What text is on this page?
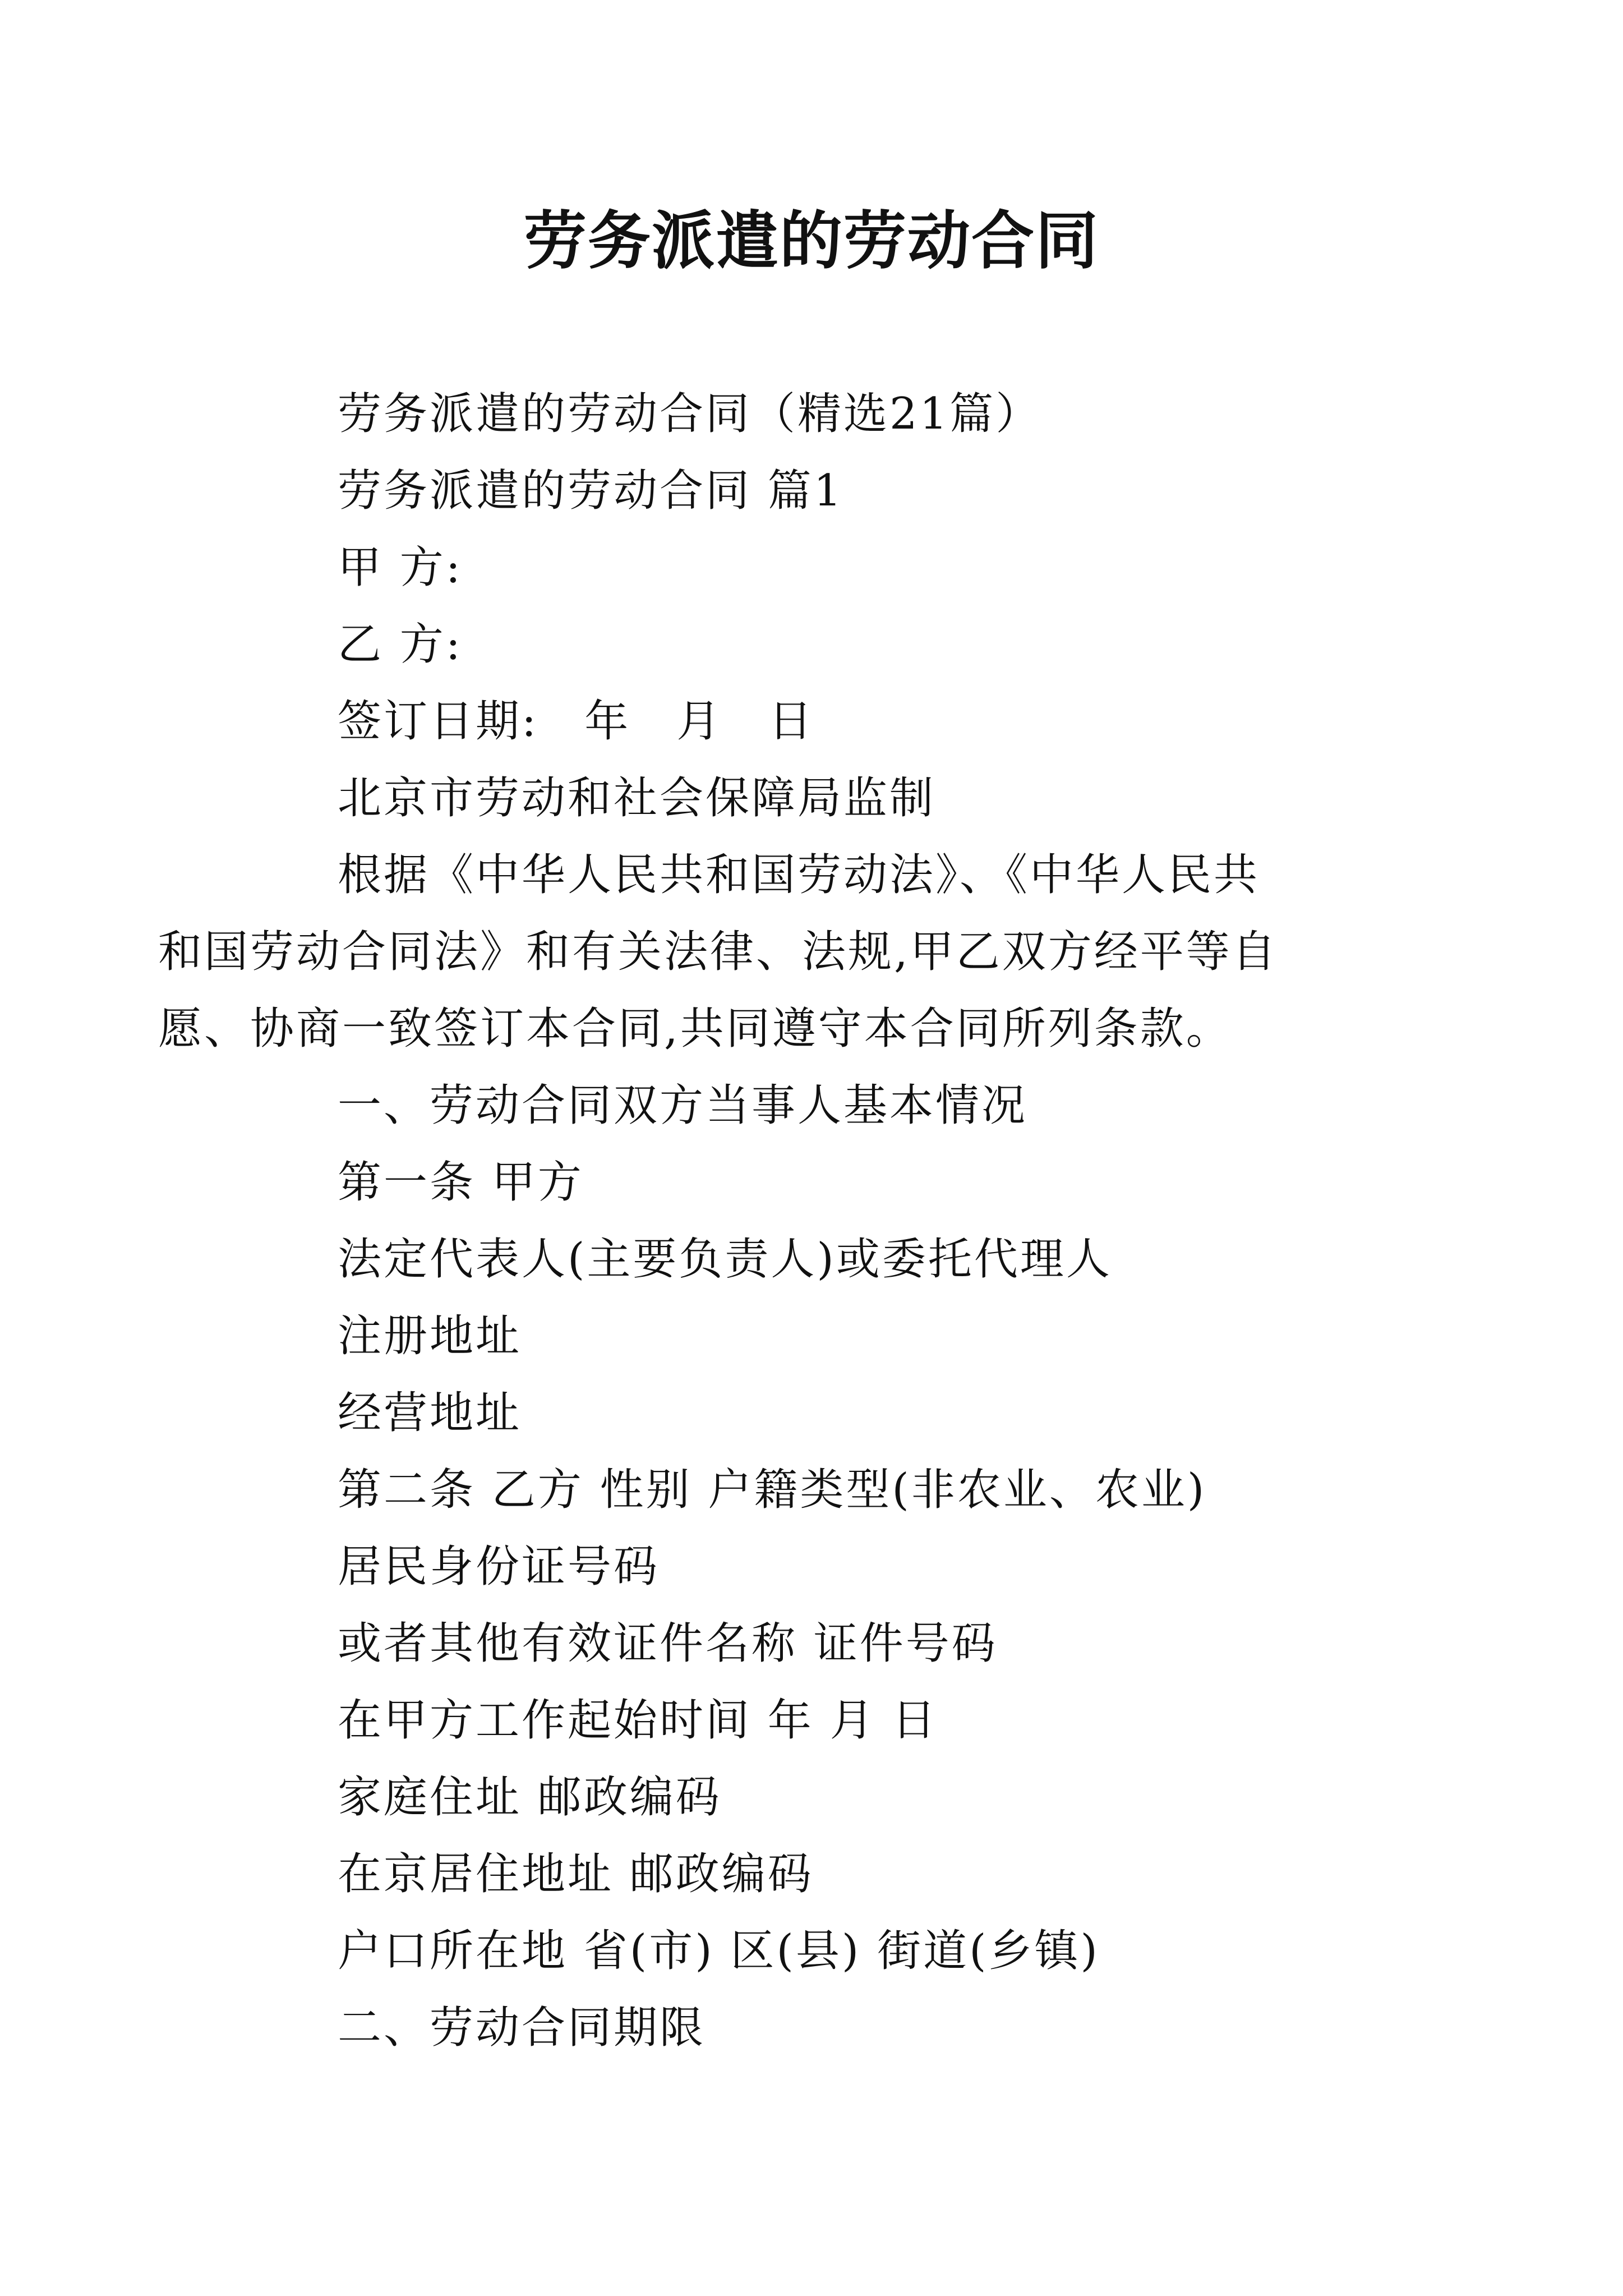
劳务派遣的劳动合同

劳务派遣的劳动合同（精选21篇）

劳务派遣的劳动合同 篇1

甲 方:

乙 方:

签订日期:　年　月　日

北京市劳动和社会保障局监制

根据《中华人民共和国劳动法》、《中华人民共和国劳动合同法》和有关法律、法规,甲乙双方经平等自愿、协商一致签订本合同,共同遵守本合同所列条款。

一、劳动合同双方当事人基本情况

第一条 甲方

法定代表人(主要负责人)或委托代理人

注册地址

经营地址

第二条 乙方 性别 户籍类型(非农业、农业)

居民身份证号码

或者其他有效证件名称 证件号码

在甲方工作起始时间 年 月 日

家庭住址 邮政编码

在京居住地址 邮政编码

户口所在地 省(市) 区(县) 街道(乡镇)

二、劳动合同期限
